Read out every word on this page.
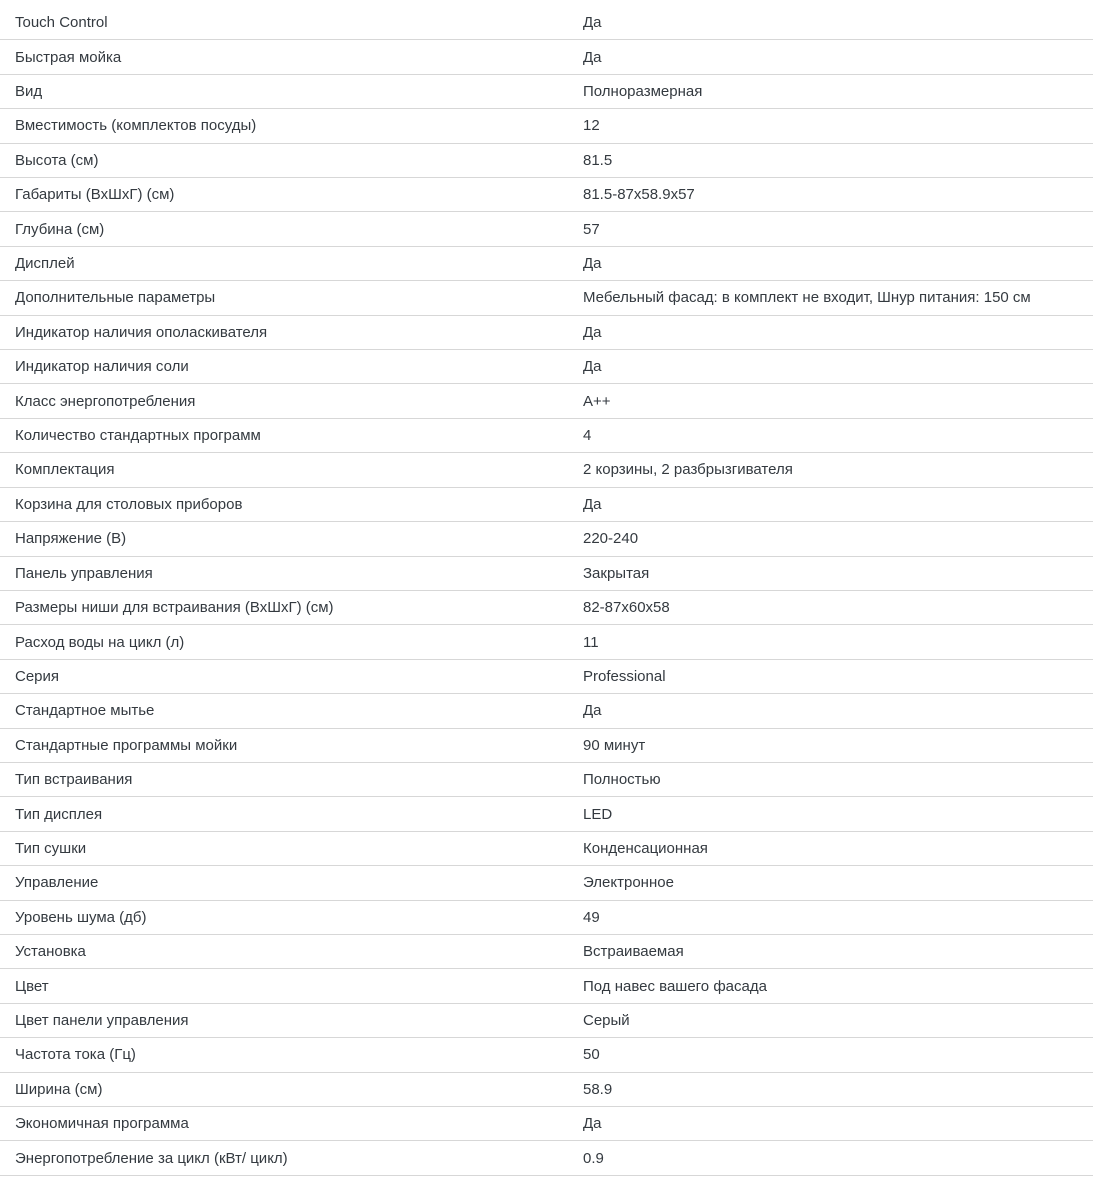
Touch Control	Да
Быстрая мойка	Да
Вид	Полноразмерная
Вместимость (комплектов посуды)	12
Высота (см)	81.5
Габариты (ВхШхГ) (см)	81.5-87x58.9x57
Глубина (см)	57
Дисплей	Да
Дополнительные параметры	Мебельный фасад: в комплект не входит, Шнур питания: 150 см
Индикатор наличия ополаскивателя	Да
Индикатор наличия соли	Да
Класс энергопотребления	A++
Количество стандартных программ	4
Комплектация	2 корзины, 2 разбрызгивателя
Корзина для столовых приборов	Да
Напряжение (В)	220-240
Панель управления	Закрытая
Размеры ниши для встраивания (ВхШхГ) (см)	82-87x60x58
Расход воды на цикл (л)	11
Серия	Professional
Стандартное мытье	Да
Стандартные программы мойки	90 минут
Тип встраивания	Полностью
Тип дисплея	LED
Тип сушки	Конденсационная
Управление	Электронное
Уровень шума (дб)	49
Установка	Встраиваемая
Цвет	Под навес вашего фасада
Цвет панели управления	Серый
Частота тока (Гц)	50
Ширина (см)	58.9
Экономичная программа	Да
Энергопотребление за цикл (кВт/ цикл)	0.9
